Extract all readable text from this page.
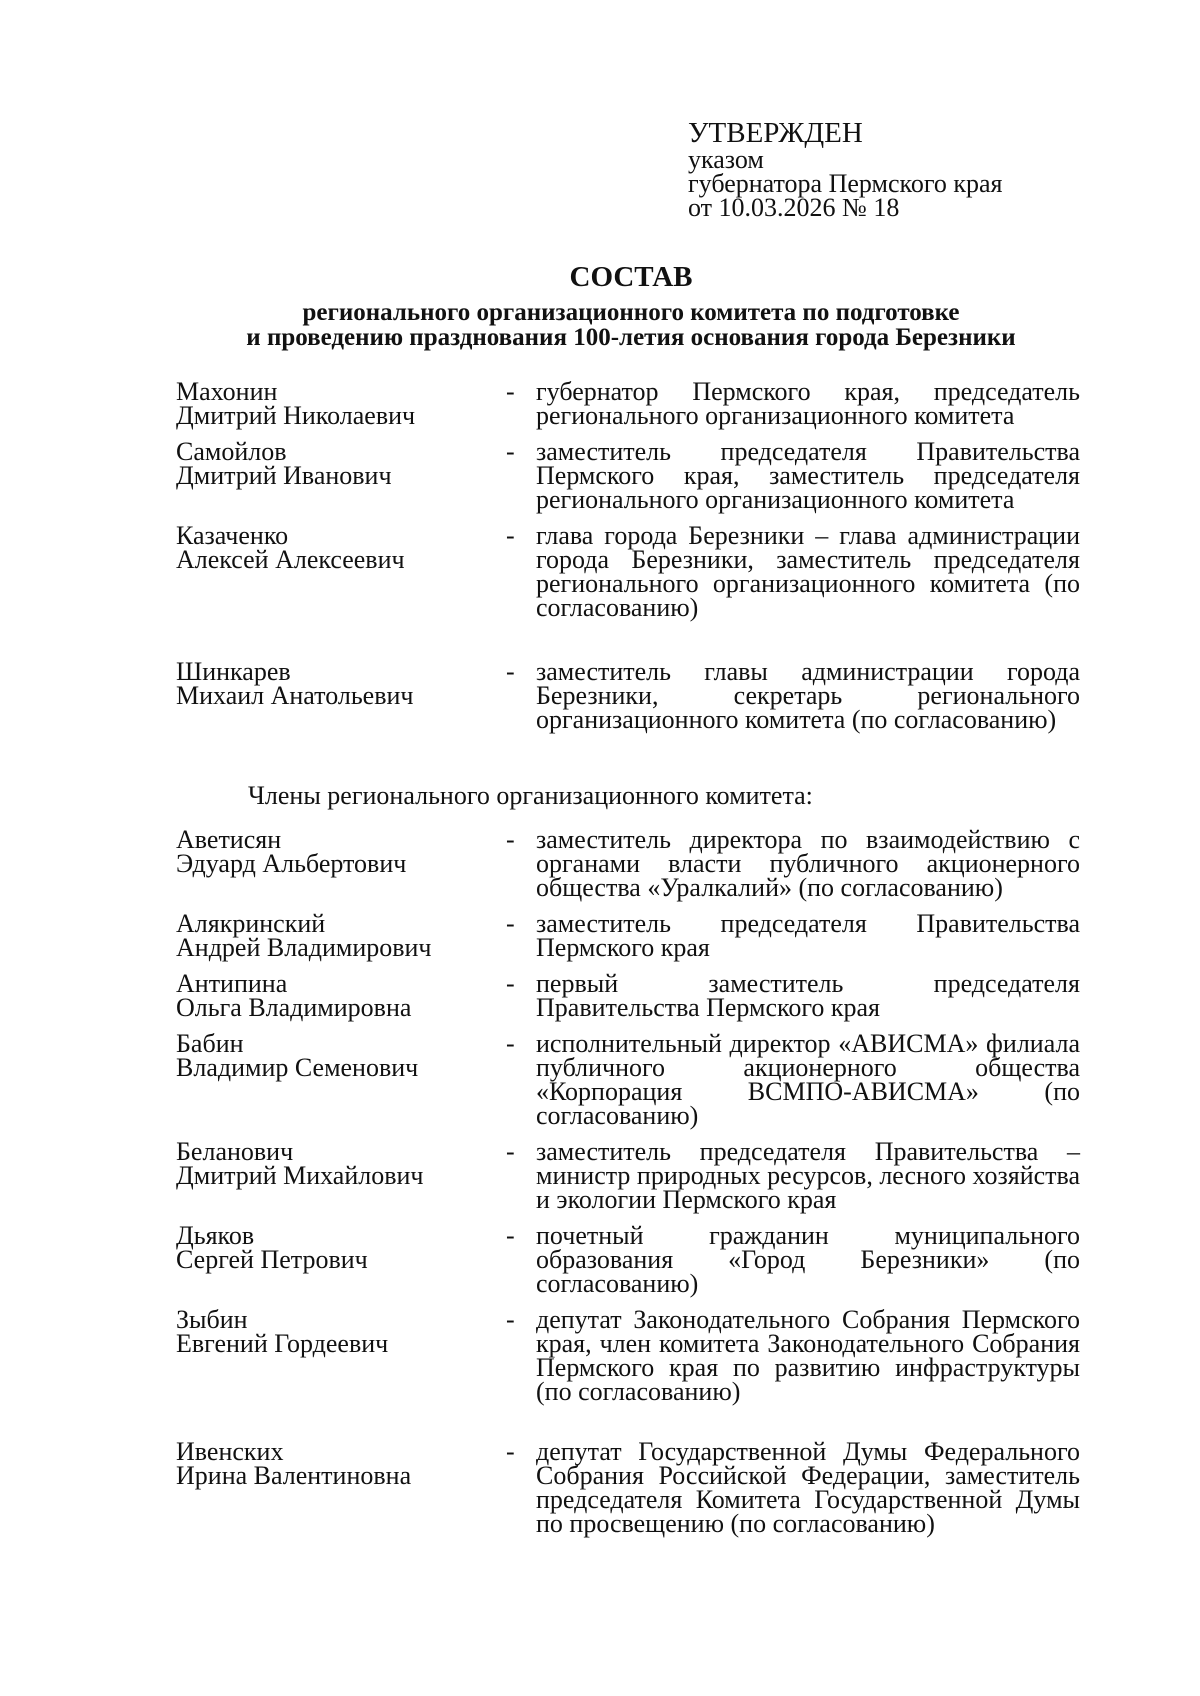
УТВЕРЖДЕН
указом
губернатора Пермского края
от 10.03.2026 № 18
СОСТАВ
регионального организационного комитета по подготовке
и проведению празднования 100-летия основания города Березники
Махонин
Дмитрий Николаевич
- губернатор Пермского края, председатель регионального организационного комитета
Самойлов
Дмитрий Иванович
- заместитель председателя Правительства Пермского края, заместитель председателя регионального организационного комитета
Казаченко
Алексей Алексеевич
- глава города Березники – глава администрации города Березники, заместитель председателя регионального организационного комитета (по согласованию)
Шинкарев
Михаил Анатольевич
- заместитель главы администрации города Березники, секретарь регионального организационного комитета (по согласованию)
Члены регионального организационного комитета:
Аветисян
Эдуард Альбертович
- заместитель директора по взаимодействию с органами власти публичного акционерного общества «Уралкалий» (по согласованию)
Алякринский
Андрей Владимирович
- заместитель председателя Правительства Пермского края
Антипина
Ольга Владимировна
- первый заместитель председателя Правительства Пермского края
Бабин
Владимир Семенович
- исполнительный директор «АВИСМА» филиала публичного акционерного общества «Корпорация ВСМПО-АВИСМА» (по согласованию)
Беланович
Дмитрий Михайлович
- заместитель председателя Правительства – министр природных ресурсов, лесного хозяйства и экологии Пермского края
Дьяков
Сергей Петрович
- почетный гражданин муниципального образования «Город Березники» (по согласованию)
Зыбин
Евгений Гордеевич
- депутат Законодательного Собрания Пермского края, член комитета Законодательного Собрания Пермского края по развитию инфраструктуры (по согласованию)
Ивенских
Ирина Валентиновна
- депутат Государственной Думы Федерального Собрания Российской Федерации, заместитель председателя Комитета Государственной Думы по просвещению (по согласованию)
